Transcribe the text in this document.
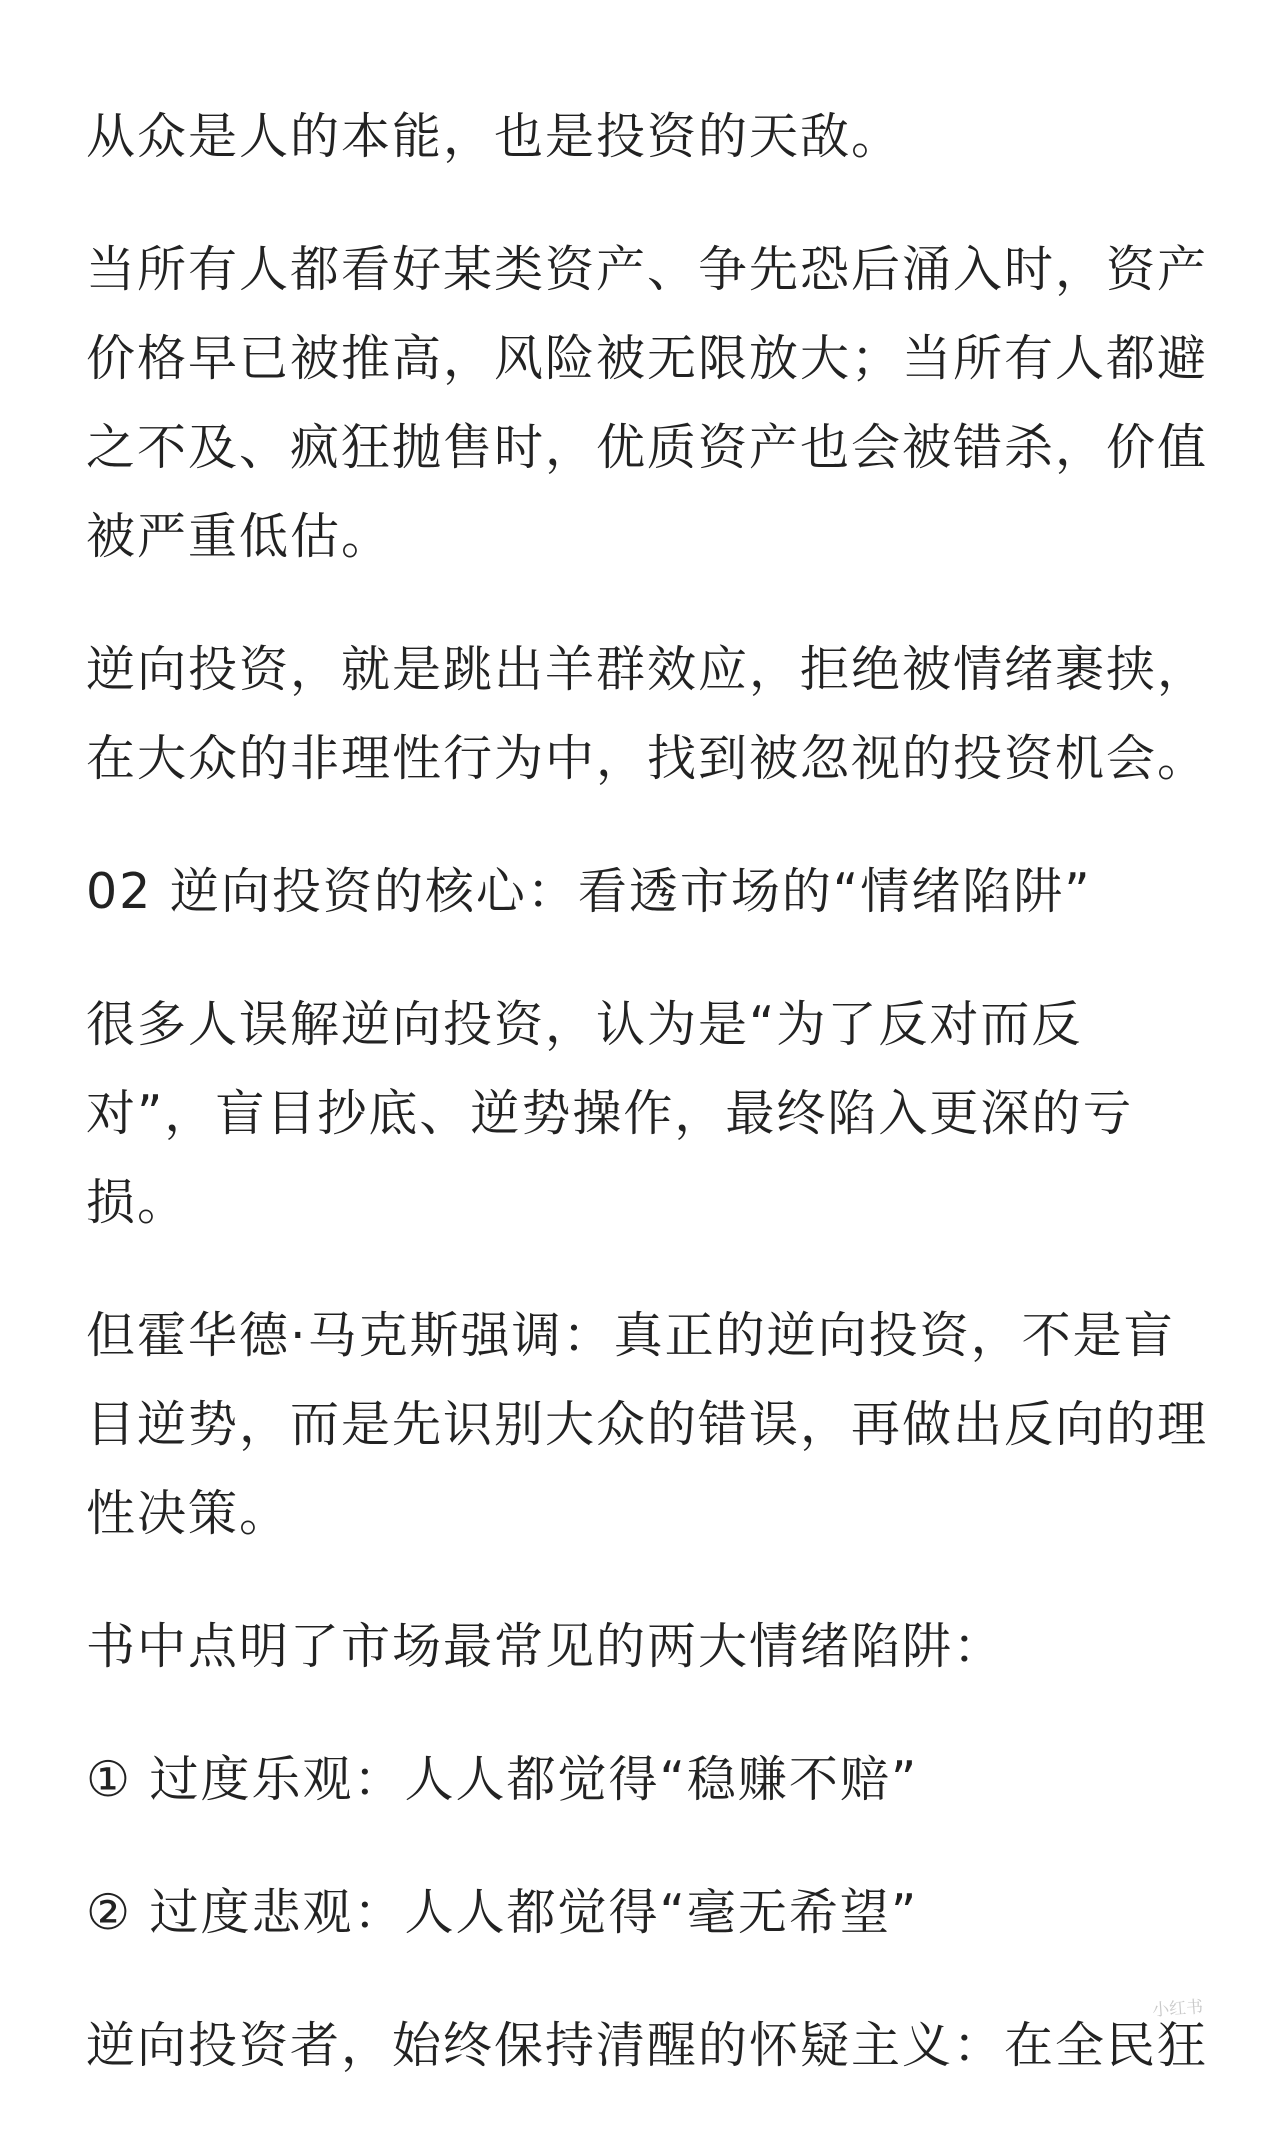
从众是人的本能，也是投资的天敌。

当所有人都看好某类资产、争先恐后涌入时，资产
价格早已被推高，风险被无限放大；当所有人都避
之不及、疯狂抛售时，优质资产也会被错杀，价值
被严重低估。

逆向投资，就是跳出羊群效应，拒绝被情绪裹挟，
在大众的非理性行为中，找到被忽视的投资机会。

02 逆向投资的核心：看透市场的“情绪陷阱”

很多人误解逆向投资，认为是“为了反对而反
对”，盲目抄底、逆势操作，最终陷入更深的亏
损。

但霍华德·马克斯强调：真正的逆向投资，不是盲
目逆势，而是先识别大众的错误，再做出反向的理
性决策。

书中点明了市场最常见的两大情绪陷阱：

① 过度乐观：人人都觉得“稳赚不赔”

② 过度悲观：人人都觉得“毫无希望”

逆向投资者，始终保持清醒的怀疑主义：在全民狂

小红书
